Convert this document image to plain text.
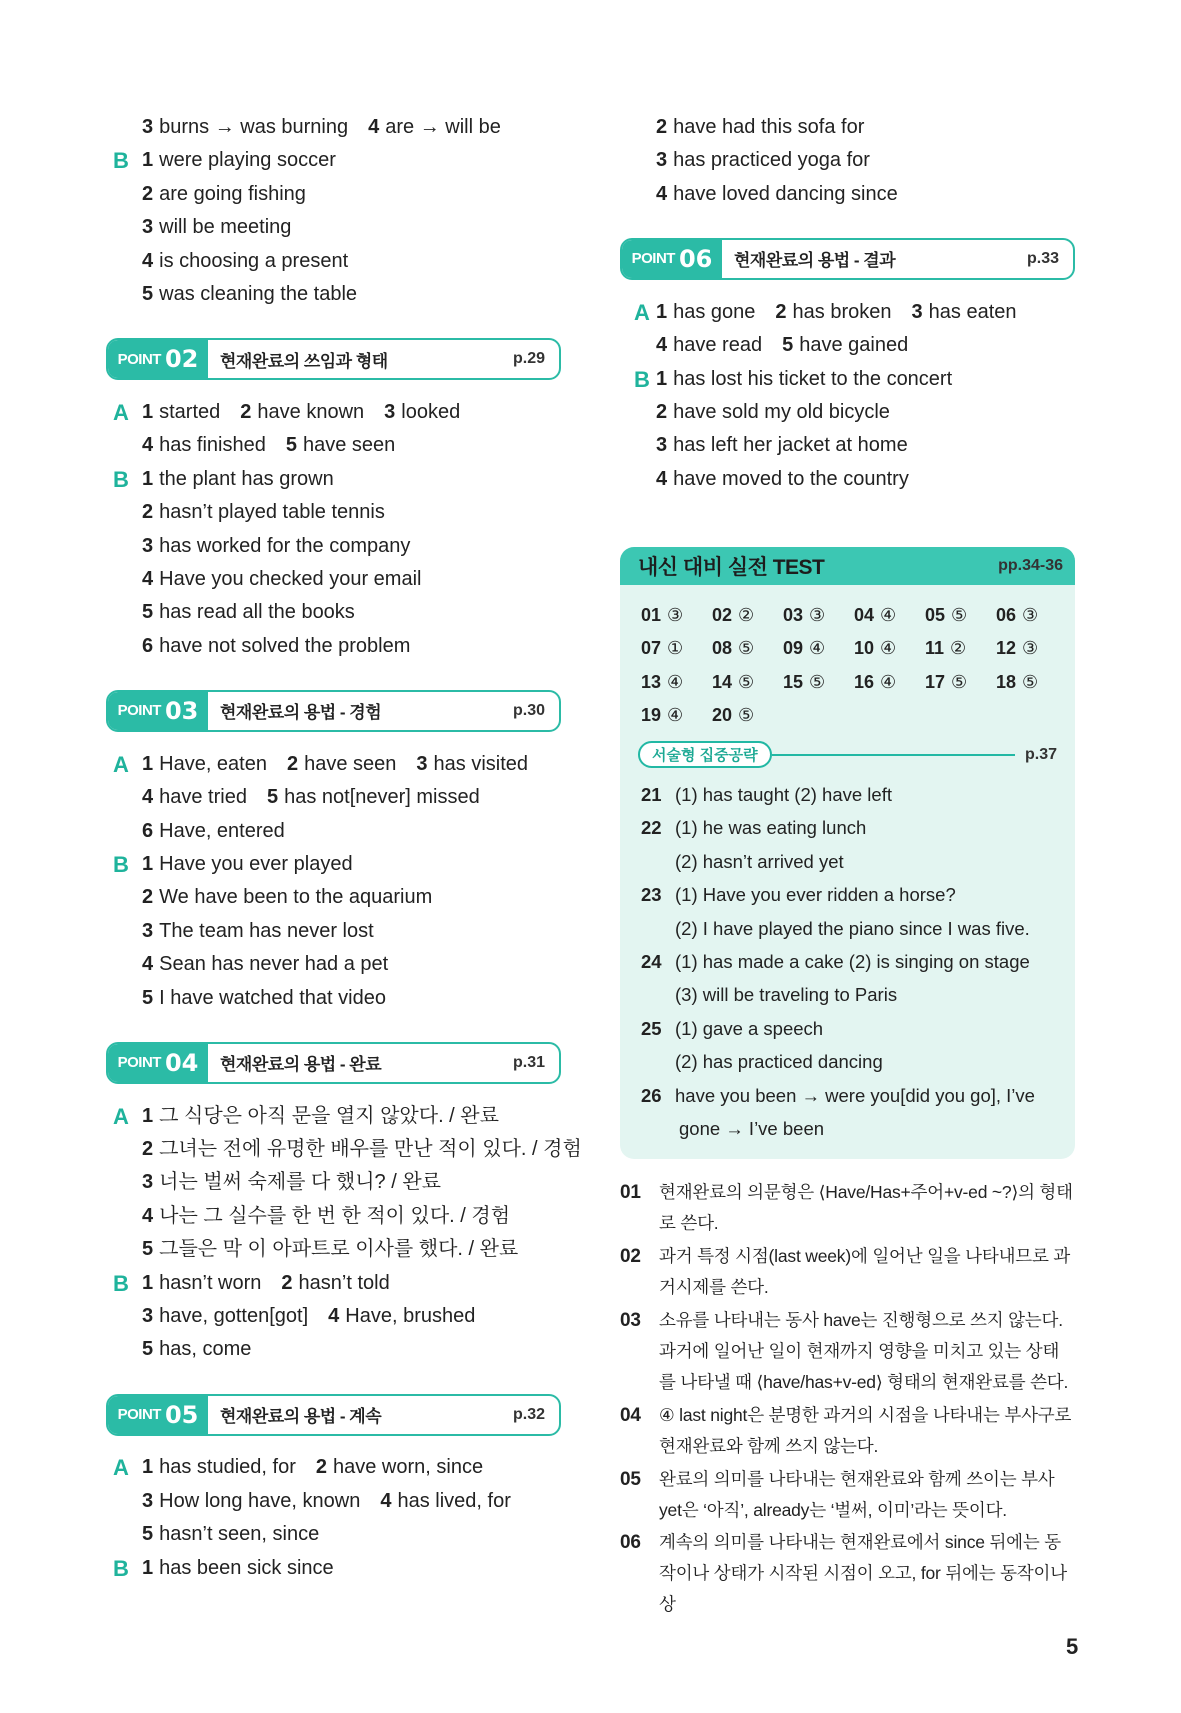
3 burns → was burning 4 are → will be
B 1 were playing soccer
2 are going fishing
3 will be meeting
4 is choosing a present
5 was cleaning the table
POINT 02	현재완료의 쓰임과 형태	p.29
A 1 started 2 have known 3 looked
4 has finished 5 have seen
B 1 the plant has grown
2 hasn’t played table tennis
3 has worked for the company
4 Have you checked your email
5 has read all the books
6 have not solved the problem
POINT 03	현재완료의 용법 - 경험	p.30
A 1 Have, eaten 2 have seen 3 has visited
4 have tried 5 has not[never] missed
6 Have, entered
B 1 Have you ever played
2 We have been to the aquarium
3 The team has never lost
4 Sean has never had a pet
5 I have watched that video
POINT 04	현재완료의 용법 - 완료	p.31
A 1 그 식당은 아직 문을 열지 않았다. / 완료
2 그녀는 전에 유명한 배우를 만난 적이 있다. / 경험
3 너는 벌써 숙제를 다 했니? / 완료
4 나는 그 실수를 한 번 한 적이 있다. / 경험
5 그들은 막 이 아파트로 이사를 했다. / 완료
B 1 hasn’t worn 2 hasn’t told
3 have, gotten[got] 4 Have, brushed
5 has, come
POINT 05	현재완료의 용법 - 계속	p.32
A 1 has studied, for 2 have worn, since
3 How long have, known 4 has lived, for
5 hasn’t seen, since
B 1 has been sick since
2 have had this sofa for
3 has practiced yoga for
4 have loved dancing since
POINT 06	현재완료의 용법 - 결과	p.33
A 1 has gone 2 has broken 3 has eaten
4 have read 5 have gained
B 1 has lost his ticket to the concert
2 have sold my old bicycle
3 has left her jacket at home
4 have moved to the country
내신 대비 실전 TEST	pp.34-36
01 ③	02 ②	03 ③	04 ④	05 ⑤	06 ③
07 ①	08 ⑤	09 ④	10 ④	11 ②	12 ③
13 ④	14 ⑤	15 ⑤	16 ④	17 ⑤	18 ⑤
19 ④	20 ⑤
서술형 집중공략	p.37
21 (1) has taught (2) have left
22 (1) he was eating lunch
(2) hasn’t arrived yet
23 (1) Have you ever ridden a horse?
(2) I have played the piano since I was five.
24 (1) has made a cake (2) is singing on stage
(3) will be traveling to Paris
25 (1) gave a speech
(2) has practiced dancing
26 have you been → were you[did you go], I’ve
gone → I’ve been
01 현재완료의 의문형은 ⟨Have/Has+주어+v-ed ~?⟩의 형태로 쓴다.
02 과거 특정 시점(last week)에 일어난 일을 나타내므로 과거시제를 쓴다.
03 소유를 나타내는 동사 have는 진행형으로 쓰지 않는다. 과거에 일어난 일이 현재까지 영향을 미치고 있는 상태를 나타낼 때 ⟨have/has+v-ed⟩ 형태의 현재완료를 쓴다.
04 ④ last night은 분명한 과거의 시점을 나타내는 부사구로 현재완료와 함께 쓰지 않는다.
05 완료의 의미를 나타내는 현재완료와 함께 쓰이는 부사 yet은 ‘아직’, already는 ‘벌써, 이미’라는 뜻이다.
06 계속의 의미를 나타내는 현재완료에서 since 뒤에는 동작이나 상태가 시작된 시점이 오고, for 뒤에는 동작이나 상
5
